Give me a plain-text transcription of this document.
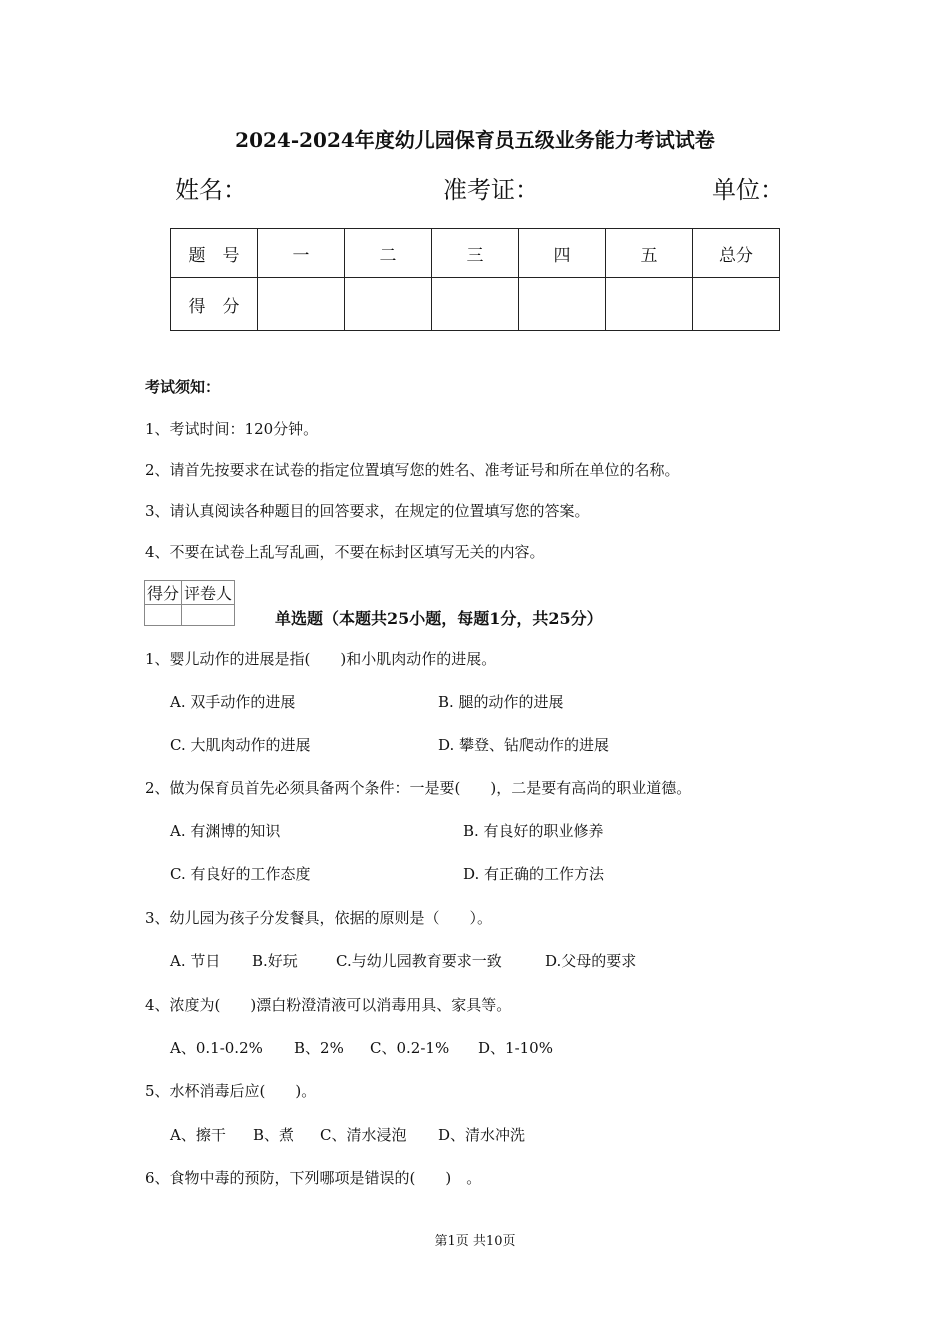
2024-2024年度幼儿园保育员五级业务能力考试试卷
姓名：	准考证：	单位：
题　号	一	二	三	四	五	总分
得　分						
考试须知：
1、考试时间：120分钟。
2、请首先按要求在试卷的指定位置填写您的姓名、准考证号和所在单位的名称。
3、请认真阅读各种题目的回答要求，在规定的位置填写您的答案。
4、不要在试卷上乱写乱画，不要在标封区填写无关的内容。
得分	评卷人

单选题（本题共25小题，每题1分，共25分）
1、婴儿动作的进展是指(　　)和小肌肉动作的进展。
A. 双手动作的进展	B. 腿的动作的进展
C. 大肌肉动作的进展	D. 攀登、钻爬动作的进展
2、做为保育员首先必须具备两个条件：一是要(　　)，二是要有高尚的职业道德。
A. 有渊博的知识	B. 有良好的职业修养
C. 有良好的工作态度	D. 有正确的工作方法
3、幼儿园为孩子分发餐具，依据的原则是（　　）。
A. 节日 B.好玩	C.与幼儿园教育要求一致	D.父母的要求
4、浓度为(　　)漂白粉澄清液可以消毒用具、家具等。
A、0.1-0.2% B、2% C、0.2-1% D、1-10%
5、水杯消毒后应(　　)。
A、擦干 B、煮 C、清水浸泡 D、清水冲洗
6、食物中毒的预防，下列哪项是错误的(　　)　。
第1页 共10页
